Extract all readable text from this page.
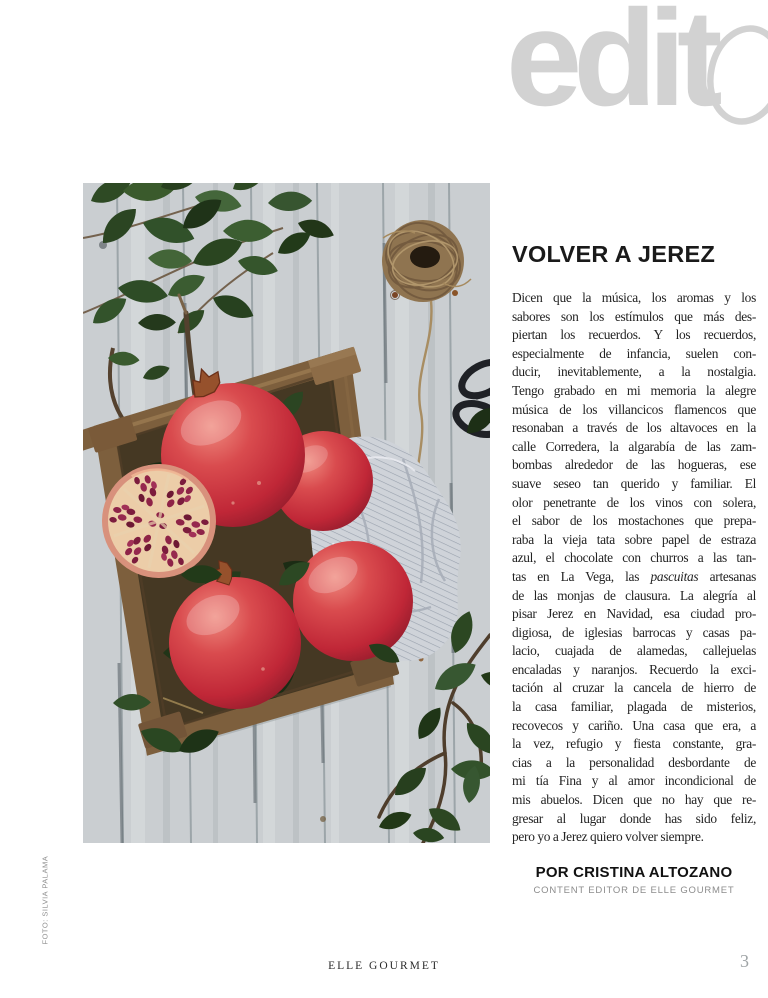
edit
FOTO: SILVIA PALAMA
VOLVER A JEREZ
Dicen que la música, los aromas y los
sabores son los estímulos que más des-
piertan los recuerdos. Y los recuerdos,
especialmente de infancia, suelen con-
ducir, inevitablemente, a la nostalgia.
Tengo grabado en mi memoria la alegre
música de los villancicos flamencos que
resonaban a través de los altavoces en la
calle Corredera, la algarabía de las zam-
bombas alrededor de las hogueras, ese
suave seseo tan querido y familiar. El
olor penetrante de los vinos con solera,
el sabor de los mostachones que prepa-
raba la vieja tata sobre papel de estraza
azul, el chocolate con churros a las tan-
tas en La Vega, las pascuitas artesanas
de las monjas de clausura. La alegría al
pisar Jerez en Navidad, esa ciudad pro-
digiosa, de iglesias barrocas y casas pa-
lacio, cuajada de alamedas, callejuelas
encaladas y naranjos. Recuerdo la exci-
tación al cruzar la cancela de hierro de
la casa familiar, plagada de misterios,
recovecos y cariño. Una casa que era, a
la vez, refugio y fiesta constante, gra-
cias a la personalidad desbordante de
mi tía Fina y al amor incondicional de
mis abuelos. Dicen que no hay que re-
gresar al lugar donde has sido feliz,
pero yo a Jerez quiero volver siempre.
POR CRISTINA ALTOZANO
CONTENT EDITOR DE ELLE GOURMET
ELLE GOURMET	3
